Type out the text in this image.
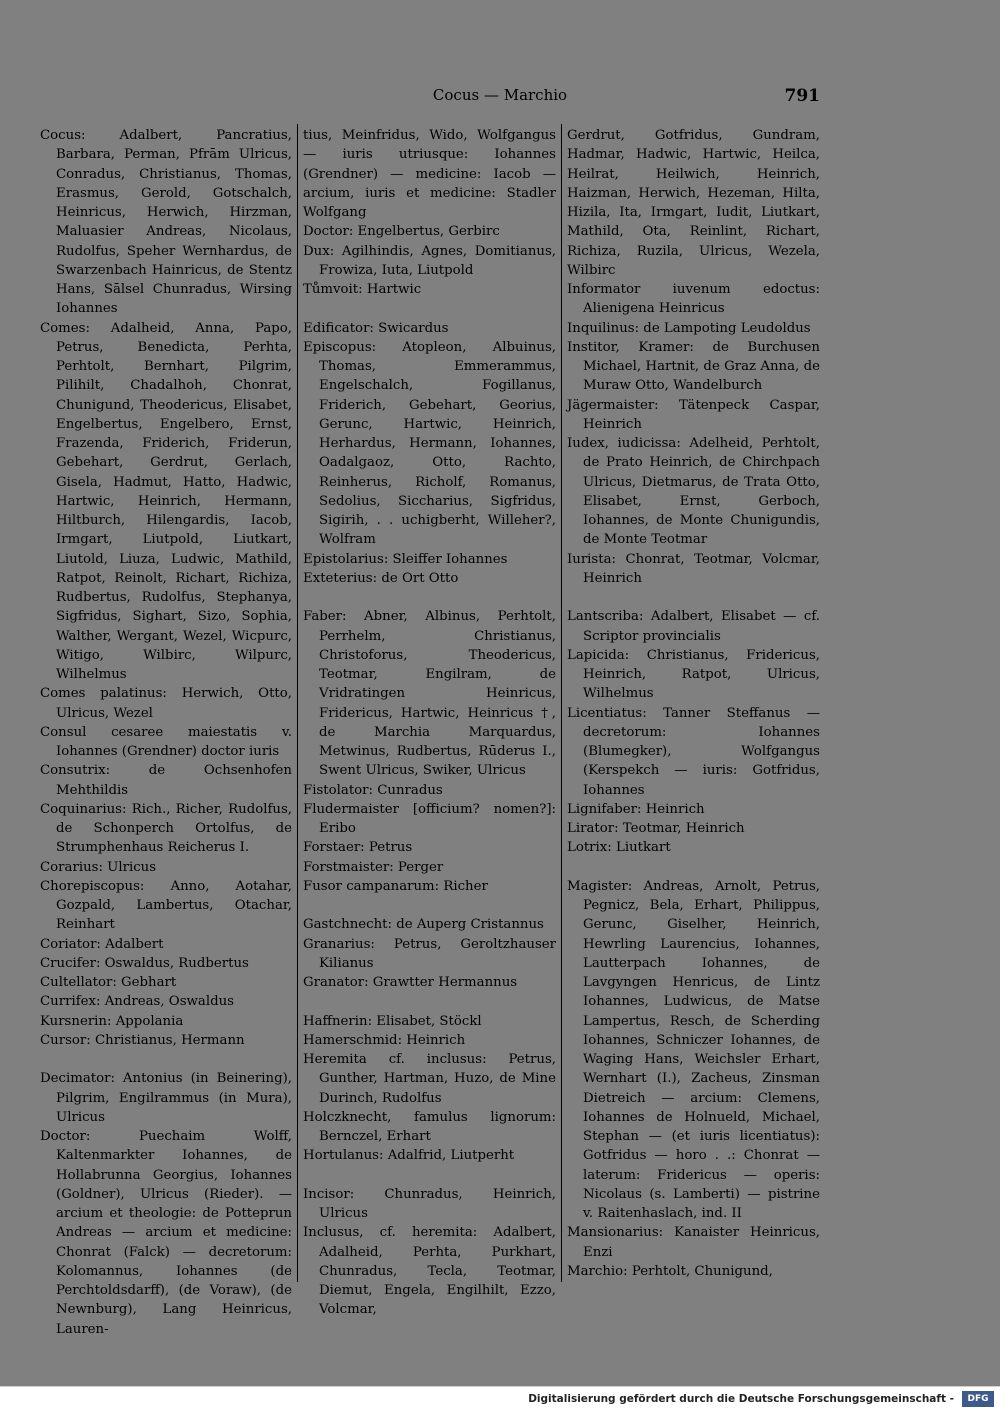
Cocus — Marchio	791

Cocus: Adalbert, Pancratius, Barbara, Perman, Pfrām Ulricus, Conradus, Christianus, Thomas, Erasmus, Gerold, Gotschalch, Heinricus, Herwich, Hirzman, Maluasier Andreas, Nicolaus, Rudolfus, Speher Wernhardus, de Swarzenbach Hainricus, de Stentz Hans, Sālsel Chunradus, Wirsing Iohannes

Comes: Adalheid, Anna, Papo, Petrus, Benedicta, Perhta, Perhtolt, Bernhart, Pilgrim, Pilihilt, Chadalhoh, Chonrat, Chunigund, Theodericus, Elisabet, Engelbertus, Engelbero, Ernst, Frazenda, Friderich, Friderun, Gebehart, Gerdrut, Gerlach, Gisela, Hadmut, Hatto, Hadwic, Hartwic, Heinrich, Hermann, Hiltburch, Hilengardis, Iacob, Irmgart, Liutpold, Liutkart, Liutold, Liuza, Ludwic, Mathild, Ratpot, Reinolt, Richart, Richiza, Rudbertus, Rudolfus, Stephanya, Sigfridus, Sighart, Sizo, Sophia, Walther, Wergant, Wezel, Wicpurc, Witigo, Wilbirc, Wilpurc, Wilhelmus

Comes palatinus: Herwich, Otto, Ulricus, Wezel

Consul cesaree maiestatis v. Iohannes (Grendner) doctor iuris

Consutrix: de Ochsenhofen Mehthildis

Coquinarius: Rich., Richer, Rudolfus, de Schonperch Ortolfus, de Strumphenhaus Reicherus I.

Corarius: Ulricus

Chorepiscopus: Anno, Aotahar, Gozpald, Lambertus, Otachar, Reinhart

Coriator: Adalbert

Crucifer: Oswaldus, Rudbertus

Cultellator: Gebhart

Currifex: Andreas, Oswaldus

Kursnerin: Appolania

Cursor: Christianus, Hermann

Decimator: Antonius (in Beinering), Pilgrim, Engilrammus (in Mura), Ulricus

Doctor: Puechaim Wolff, Kaltenmarkter Iohannes, de Hollabrunna Georgius, Iohannes (Goldner), Ulricus (Rieder). — arcium et theologie: de Potteprun Andreas — arcium et medicine: Chonrat (Falck) — decretorum: Kolomannus, Iohannes (de Perchtoldsdarff), (de Voraw), (de Newnburg), Lang Heinricus, Lauren-

tius, Meinfridus, Wido, Wolfgangus — iuris utriusque: Iohannes (Grendner) — medicine: Iacob — arcium, iuris et medicine: Stadler Wolfgang

Doctor: Engelbertus, Gerbirc

Dux: Agilhindis, Agnes, Domitianus, Frowiza, Iuta, Liutpold

Tůmvoit: Hartwic

Edificator: Swicardus

Episcopus: Atopleon, Albuinus, Thomas, Emmerammus, Engelschalch, Fogillanus, Friderich, Gebehart, Georius, Gerunc, Hartwic, Heinrich, Herhardus, Hermann, Iohannes, Oadalgaoz, Otto, Rachto, Reinherus, Richolf, Romanus, Sedolius, Siccharius, Sigfridus, Sigirih, . . uchigberht, Willeher?, Wolfram

Epistolarius: Sleiffer Iohannes

Exteterius: de Ort Otto

Faber: Abner, Albinus, Perhtolt, Perrhelm, Christianus, Christoforus, Theodericus, Teotmar, Engilram, de Vridratingen Heinricus, Fridericus, Hartwic, Heinricus †, de Marchia Marquardus, Metwinus, Rudbertus, Rūderus I., Swent Ulricus, Swiker, Ulricus

Fistolator: Cunradus

Fludermaister [officium? nomen?]: Eribo

Forstaer: Petrus

Forstmaister: Perger

Fusor campanarum: Richer

Gastchnecht: de Auperg Cristannus

Granarius: Petrus, Geroltzhauser Kilianus

Granator: Grawtter Hermannus

Haffnerin: Elisabet, Stöckl

Hamerschmid: Heinrich

Heremita cf. inclusus: Petrus, Gunther, Hartman, Huzo, de Mine Durinch, Rudolfus

Holczknecht, famulus lignorum: Bernczel, Erhart

Hortulanus: Adalfrid, Liutperht

Incisor: Chunradus, Heinrich, Ulricus

Inclusus, cf. heremita: Adalbert, Adalheid, Perhta, Purkhart, Chunradus, Tecla, Teotmar, Diemut, Engela, Engilhilt, Ezzo, Volcmar,

Gerdrut, Gotfridus, Gundram, Hadmar, Hadwic, Hartwic, Heilca, Heilrat, Heilwich, Heinrich, Haizman, Herwich, Hezeman, Hilta, Hizila, Ita, Irmgart, Iudit, Liutkart, Mathild, Ota, Reinlint, Richart, Richiza, Ruzila, Ulricus, Wezela, Wilbirc

Informator iuvenum edoctus: Alienigena Heinricus

Inquilinus: de Lampoting Leudoldus

Institor, Kramer: de Burchusen Michael, Hartnit, de Graz Anna, de Muraw Otto, Wandelburch

Jägermaister: Tätenpeck Caspar, Heinrich

Iudex, iudicissa: Adelheid, Perhtolt, de Prato Heinrich, de Chirchpach Ulricus, Dietmarus, de Trata Otto, Elisabet, Ernst, Gerboch, Iohannes, de Monte Chunigundis, de Monte Teotmar

Iurista: Chonrat, Teotmar, Volcmar, Heinrich

Lantscriba: Adalbert, Elisabet — cf. Scriptor provincialis

Lapicida: Christianus, Fridericus, Heinrich, Ratpot, Ulricus, Wilhelmus

Licentiatus: Tanner Steffanus — decretorum: Iohannes (Blumegker), Wolfgangus (Kerspekch — iuris: Gotfridus, Iohannes

Lignifaber: Heinrich

Lirator: Teotmar, Heinrich

Lotrix: Liutkart

Magister: Andreas, Arnolt, Petrus, Pegnicz, Bela, Erhart, Philippus, Gerunc, Giselher, Heinrich, Hewrling Laurencius, Iohannes, Lautterpach Iohannes, de Lavgyngen Henricus, de Lintz Iohannes, Ludwicus, de Matse Lampertus, Resch, de Scherding Iohannes, Schniczer Iohannes, de Waging Hans, Weichsler Erhart, Wernhart (I.), Zacheus, Zinsman Dietreich — arcium: Clemens, Iohannes de Holnueld, Michael, Stephan — (et iuris licentiatus): Gotfridus — horo . .: Chonrat — laterum: Fridericus — operis: Nicolaus (s. Lamberti) — pistrine v. Raitenhaslach, ind. II

Mansionarius: Kanaister Heinricus, Enzi

Marchio: Perhtolt, Chunigund,

Digitalisierung gefördert durch die Deutsche Forschungsgemeinschaft -	DFG
